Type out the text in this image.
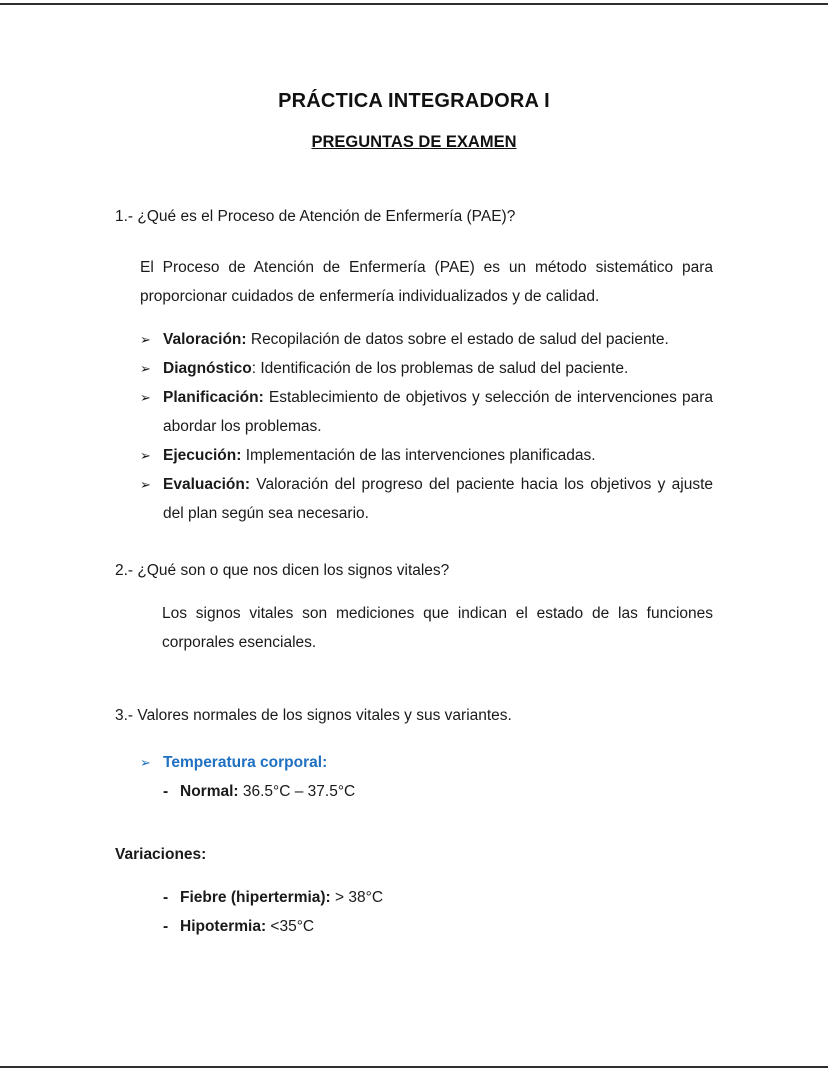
PRÁCTICA INTEGRADORA I
PREGUNTAS DE EXAMEN
1.- ¿Qué es el Proceso de Atención de Enfermería (PAE)?
El Proceso de Atención de Enfermería (PAE) es un método sistemático para proporcionar cuidados de enfermería individualizados y de calidad.
➢ Valoración: Recopilación de datos sobre el estado de salud del paciente.
➢ Diagnóstico: Identificación de los problemas de salud del paciente.
➢ Planificación: Establecimiento de objetivos y selección de intervenciones para abordar los problemas.
➢ Ejecución: Implementación de las intervenciones planificadas.
➢ Evaluación: Valoración del progreso del paciente hacia los objetivos y ajuste del plan según sea necesario.
2.- ¿Qué son o que nos dicen los signos vitales?
Los signos vitales son mediciones que indican el estado de las funciones corporales esenciales.
3.- Valores normales de los signos vitales y sus variantes.
➢ Temperatura corporal:
- Normal: 36.5°C – 37.5°C
Variaciones:
- Fiebre (hipertermia): > 38°C
- Hipotermia: <35°C
